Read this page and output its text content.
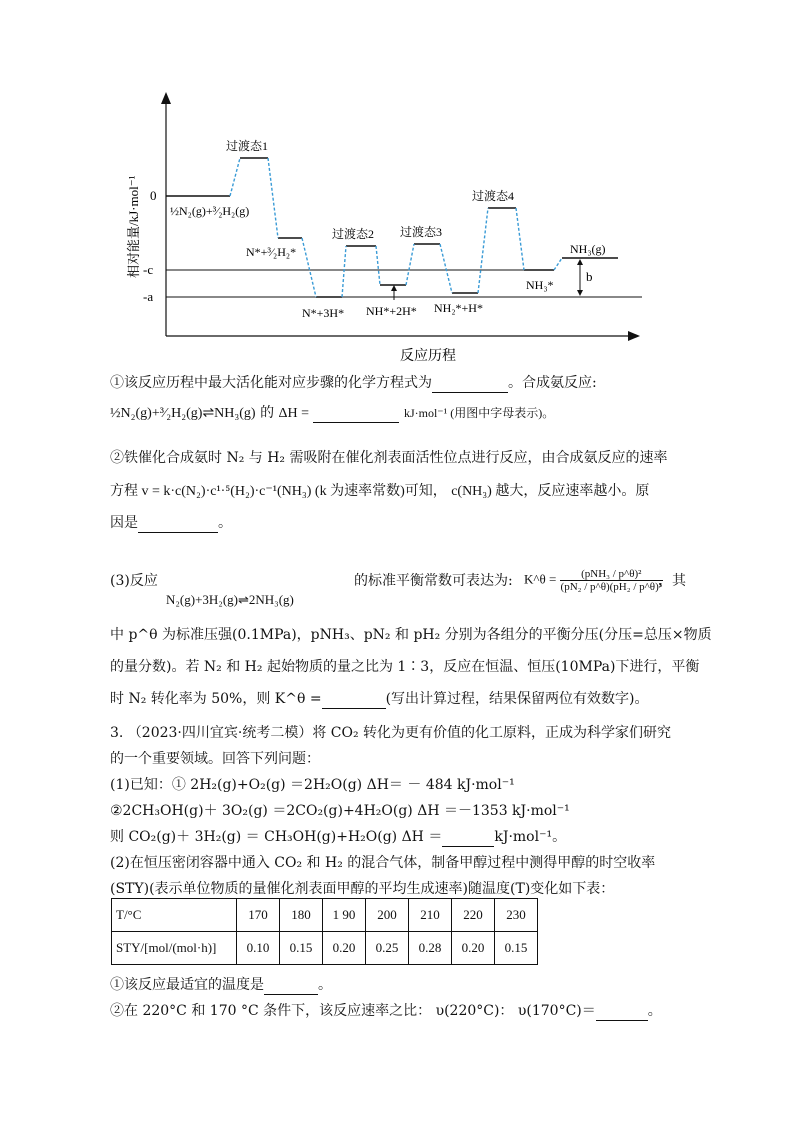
相对能量/kJ·mol⁻¹ 0
-c
-a
b
½N₂(g)+³⁄₂H₂(g)
过渡态1
N*+³⁄₂H₂*
N*+3H*
过渡态2
NH*+2H*
过渡态3
NH₂*+H*
过渡态4
NH₃*
NH₃(g)
反应历程
①该反应历程中最大活化能对应步骤的化学方程式为	。合成氨反应:
½N₂(g)+³⁄₂H₂(g)⇌NH₃(g) 的 ΔH =	kJ·mol⁻¹ (用图中字母表示)。
②铁催化合成氨时 N₂ 与 H₂ 需吸附在催化剂表面活性位点进行反应，由合成氨反应的速率
方程 v = k·c(N₂)·c¹·⁵(H₂)·c⁻¹(NH₃) (k 为速率常数)可知， c(NH₃) 越大，反应速率越小。原
因是	。
(3)反应
N₂(g)+3H₂(g)⇌2NH₃(g)
的标准平衡常数可表达为: K^θ = $\frac{\text{(pNH₃ / p\textasciicircum{}θ)²}}{\text{(pN₂ / p\textasciicircum{}θ)(pH₂ / p\textasciicircum{}θ)³}}$
，其
中 p^θ 为标准压强(0.1MPa)，pNH₃、pN₂ 和 pH₂ 分别为各组分的平衡分压(分压=总压×物质
的量分数)。若 N₂ 和 H₂ 起始物质的量之比为 1∶3，反应在恒温、恒压(10MPa)下进行，平衡
时 N₂ 转化率为 50%，则 K^θ =	(写出计算过程，结果保留两位有效数字)。
3. （2023·四川宜宾·统考二模）将 CO₂ 转化为更有价值的化工原料，正成为科学家们研究
的一个重要领域。回答下列问题：
(1)已知：① 2H₂(g)+O₂(g) ＝2H₂O(g) ΔH＝ － 484 kJ·mol⁻¹
②2CH₃OH(g)＋ 3O₂(g) ＝2CO₂(g)+4H₂O(g) ΔH ＝－1353 kJ·mol⁻¹
则 CO₂(g)＋ 3H₂(g) ＝ CH₃OH(g)+H₂O(g) ΔH ＝	kJ·mol⁻¹。
(2)在恒压密闭容器中通入 CO₂ 和 H₂ 的混合气体，制备甲醇过程中测得甲醇的时空收率
(STY)(表示单位物质的量催化剂表面甲醇的平均生成速率)随温度(T)变化如下表：
T/°C	170	180	1 90	200	210	220	230
STY/[mol/(mol·h)]	0.10	0.15	0.20	0.25	0.28	0.20	0.15
①该反应最适宜的温度是	。
②在 220°C 和 170 °C 条件下，该反应速率之比： υ(220°C)： υ(170°C)＝	。
